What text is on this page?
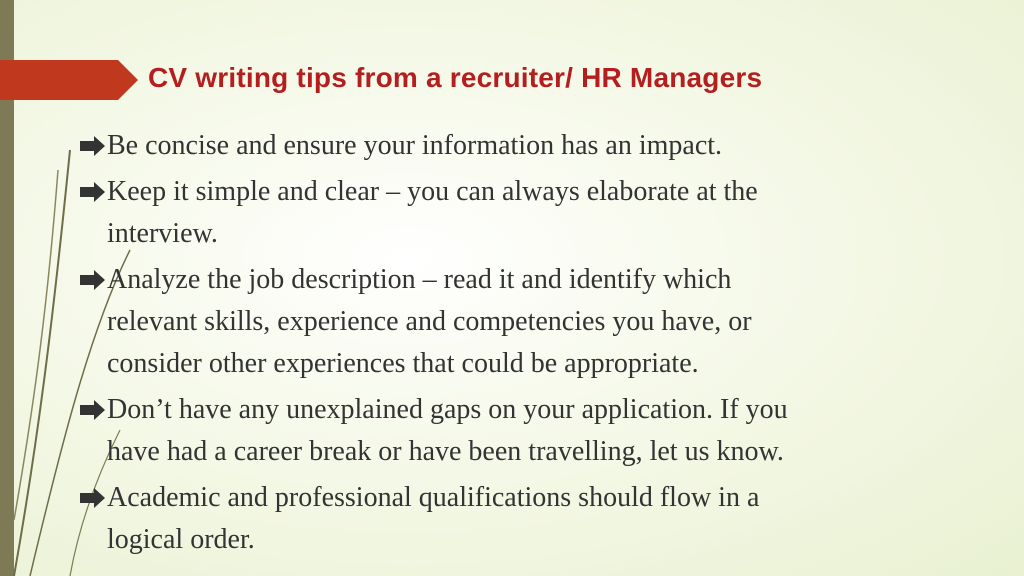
CV writing tips from a recruiter/ HR Managers
Be concise and ensure your information has an impact.
Keep it simple and clear – you can always elaborate at the
interview.
Analyze the job description – read it and identify which
relevant skills, experience and competencies you have, or
consider other experiences that could be appropriate.
Don’t have any unexplained gaps on your application. If you
have had a career break or have been travelling, let us know.
Academic and professional qualifications should flow in a
logical order.
